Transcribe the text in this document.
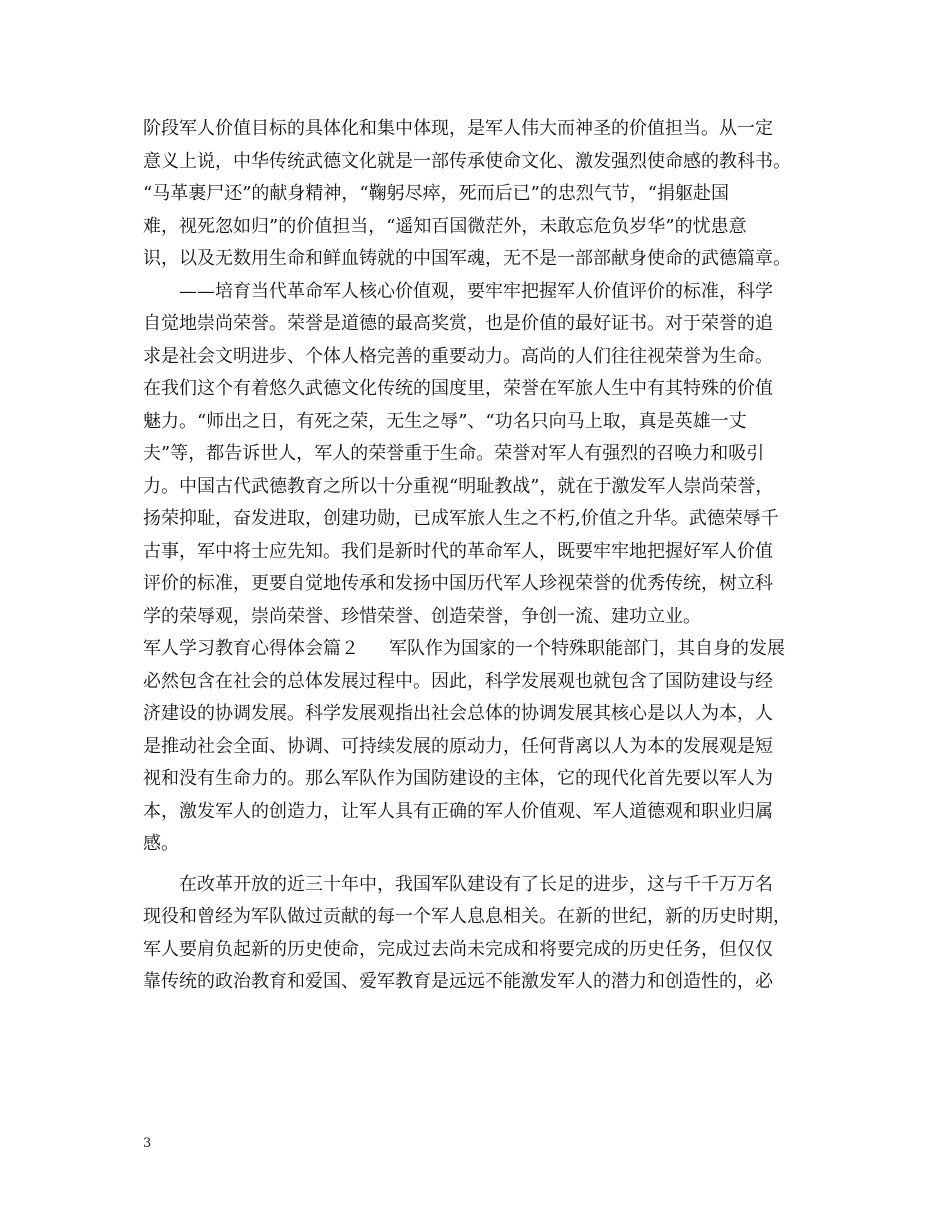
阶段军人价值目标的具体化和集中体现，是军人伟大而神圣的价值担当。从一定
意义上说，中华传统武德文化就是一部传承使命文化、激发强烈使命感的教科书。
“马革裹尸还”的献身精神，“鞠躬尽瘁，死而后已”的忠烈气节，“捐躯赴国
难，视死忽如归”的价值担当，“遥知百国微茫外，未敢忘危负岁华”的忧患意
识，以及无数用生命和鲜血铸就的中国军魂，无不是一部部献身使命的武德篇章。
——培育当代革命军人核心价值观，要牢牢把握军人价值评价的标准，科学
自觉地崇尚荣誉。荣誉是道德的最高奖赏，也是价值的最好证书。对于荣誉的追
求是社会文明进步、个体人格完善的重要动力。高尚的人们往往视荣誉为生命。
在我们这个有着悠久武德文化传统的国度里，荣誉在军旅人生中有其特殊的价值
魅力。“师出之日，有死之荣，无生之辱”、“功名只向马上取，真是英雄一丈
夫”等，都告诉世人，军人的荣誉重于生命。荣誉对军人有强烈的召唤力和吸引
力。中国古代武德教育之所以十分重视“明耻教战”，就在于激发军人崇尚荣誉，
扬荣抑耻，奋发进取，创建功勋，已成军旅人生之不朽,价值之升华。武德荣辱千
古事，军中将士应先知。我们是新时代的革命军人，既要牢牢地把握好军人价值
评价的标准，更要自觉地传承和发扬中国历代军人珍视荣誉的优秀传统，树立科
学的荣辱观，崇尚荣誉、珍惜荣誉、创造荣誉，争创一流、建功立业。
军人学习教育心得体会篇２ 军队作为国家的一个特殊职能部门，其自身的发展
必然包含在社会的总体发展过程中。因此，科学发展观也就包含了国防建设与经
济建设的协调发展。科学发展观指出社会总体的协调发展其核心是以人为本，人
是推动社会全面、协调、可持续发展的原动力，任何背离以人为本的发展观是短
视和没有生命力的。那么军队作为国防建设的主体，它的现代化首先要以军人为
本，激发军人的创造力，让军人具有正确的军人价值观、军人道德观和职业归属
感。
在改革开放的近三十年中，我国军队建设有了长足的进步，这与千千万万名
现役和曾经为军队做过贡献的每一个军人息息相关。在新的世纪，新的历史时期，
军人要肩负起新的历史使命，完成过去尚未完成和将要完成的历史任务，但仅仅
靠传统的政治教育和爱国、爱军教育是远远不能激发军人的潜力和创造性的，必
3
